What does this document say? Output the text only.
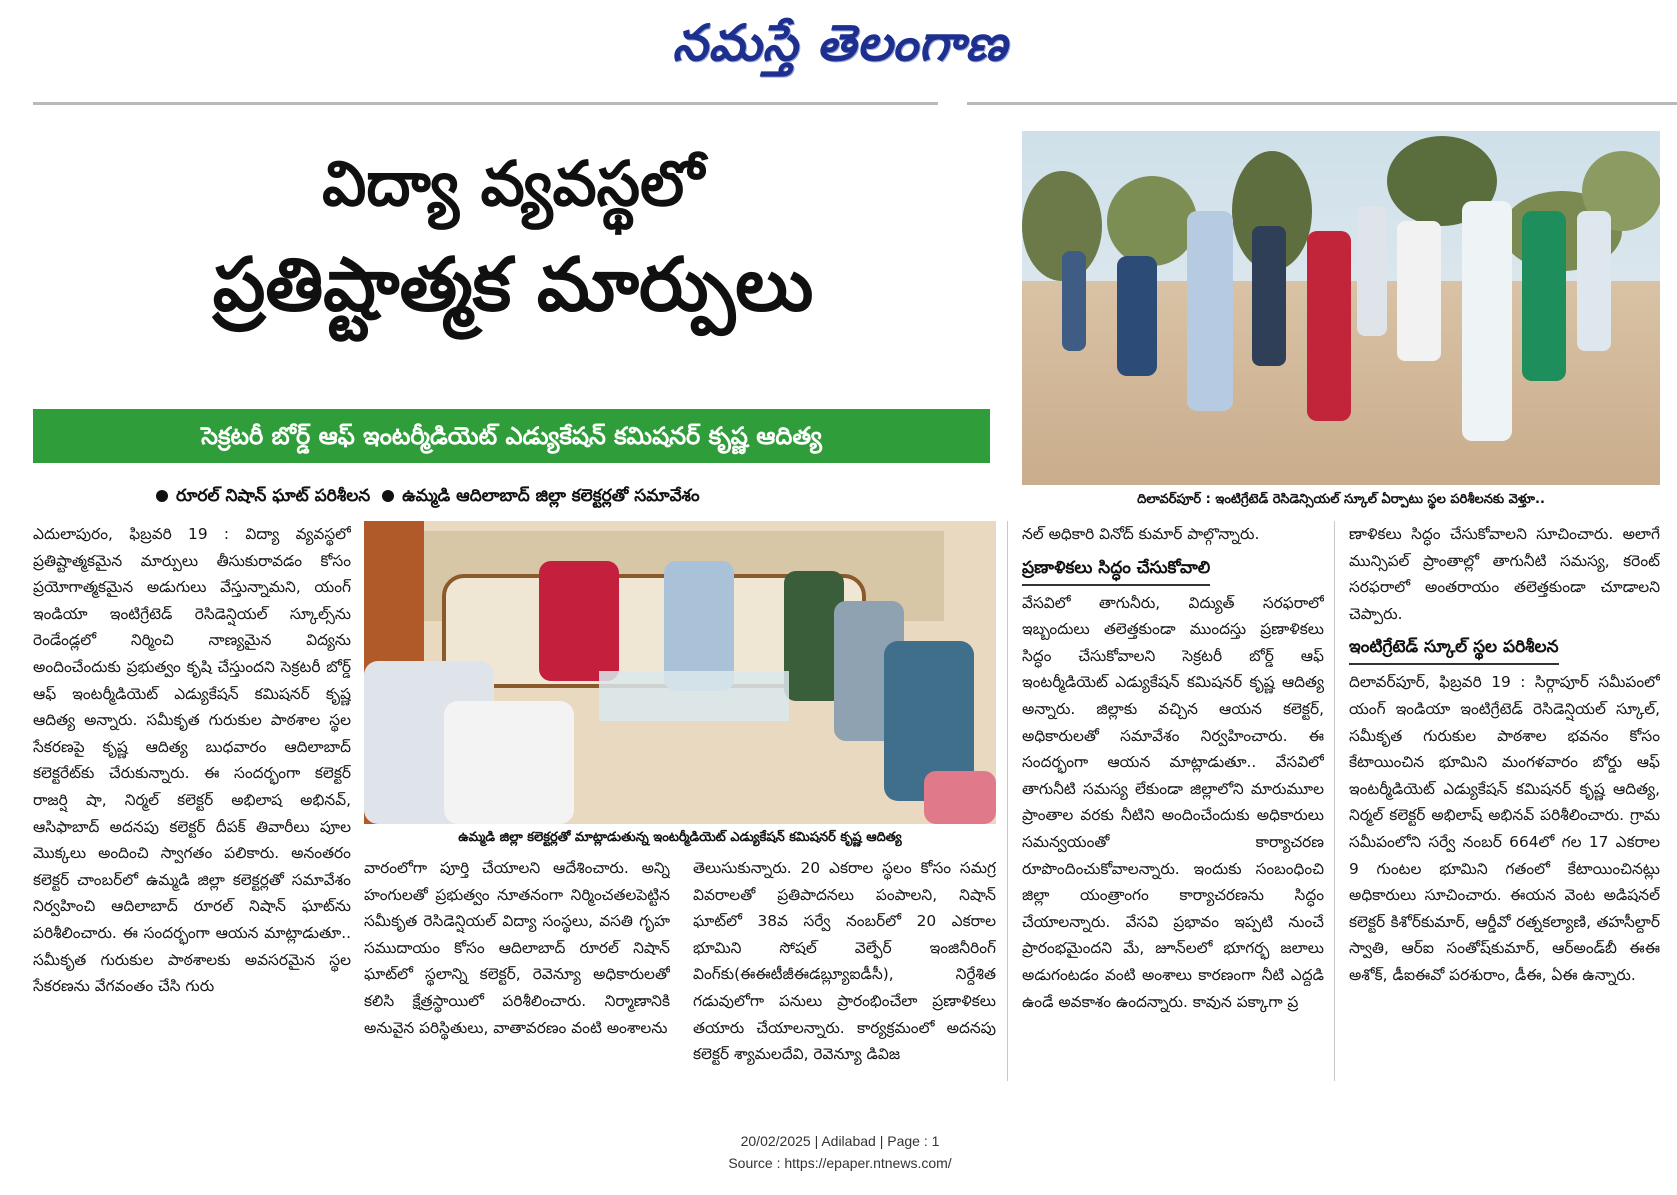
నమస్తే తెలంగాణ
విద్యా వ్యవస్థలో
ప్రతిష్టాత్మక మార్పులు
సెక్రటరీ బోర్డ్ ఆఫ్ ఇంటర్మీడియెట్ ఎడ్యుకేషన్ కమిషనర్ కృష్ణ ఆదిత్య
రూరల్ నిషాన్ ఘాట్ పరిశీలన ఉమ్మడి ఆదిలాబాద్ జిల్లా కలెక్టర్లతో సమావేశం	దిలావర్‌పూర్ : ఇంటిగ్రేటెడ్ రెసిడెన్సియల్ స్కూల్ ఏర్పాటు స్థల పరిశీలనకు వెళ్తూ..
ఉమ్మడి జిల్లా కలెక్టర్లతో మాట్లాడుతున్న ఇంటర్మీడియెట్ ఎడ్యుకేషన్ కమిషనర్ కృష్ణ ఆదిత్య

ఎదులాపురం, ఫిబ్రవరి 19 : విద్యా వ్యవస్థలో ప్రతిష్టాత్మకమైన మార్పులు తీసుకురావడం కోసం ప్రయోగాత్మకమైన అడుగులు వేస్తున్నామని, యంగ్ ఇండియా ఇంటిగ్రేటెడ్ రెసిడెన్షియల్ స్కూల్స్‌ను రెండేండ్లలో నిర్మించి నాణ్యమైన విద్యను అందించేందుకు ప్రభుత్వం కృషి చేస్తుందని సెక్రటరీ బోర్డ్ ఆఫ్ ఇంటర్మీడియెట్ ఎడ్యుకేషన్ కమిషనర్ కృష్ణ ఆదిత్య అన్నారు. సమీకృత గురుకుల పాఠశాల స్థల సేకరణపై కృష్ణ ఆదిత్య బుధవారం ఆదిలాబాద్ కలెక్టరేట్‌కు చేరుకున్నారు. ఈ సందర్భంగా కలెక్టర్ రాజర్షి షా, నిర్మల్ కలెక్టర్ అభిలాష అభినవ్, ఆసిఫాబాద్ అదనపు కలెక్టర్ దీపక్ తివారీలు పూల మొక్కలు అందించి స్వాగతం పలికారు. అనంతరం కలెక్టర్ చాంబర్‌లో ఉమ్మడి జిల్లా కలెక్టర్లతో సమావేశం నిర్వహించి ఆదిలాబాద్ రూరల్ నిషాన్ ఘాట్‌ను పరిశీలించారు. ఈ సందర్భంగా ఆయన మాట్లాడుతూ.. సమీకృత గురుకుల పాఠశాలకు అవసరమైన స్థల సేకరణను వేగవంతం చేసి గురు

వారంలోగా పూర్తి చేయాలని ఆదేశించారు. అన్ని హంగులతో ప్రభుత్వం నూతనంగా నిర్మించతలపెట్టిన సమీకృత రెసిడెన్షియల్ విద్యా సంస్థలు, వసతి గృహ సముదాయం కోసం ఆదిలాబాద్ రూరల్ నిషాన్ ఘాట్‌లో స్థలాన్ని కలెక్టర్, రెవెన్యూ అధికారులతో కలిసి క్షేత్రస్థాయిలో పరిశీలించారు. నిర్మాణానికి అనువైన పరిస్థితులు, వాతావరణం వంటి అంశాలను

తెలుసుకున్నారు. 20 ఎకరాల స్థలం కోసం సమగ్ర వివరాలతో ప్రతిపాదనలు పంపాలని, నిషాన్ ఘాట్‌లో 38వ సర్వే నంబర్‌లో 20 ఎకరాల భూమిని సోషల్ వెల్ఫేర్ ఇంజినీరింగ్ వింగ్‌కు(ఈఈటీజీఈడబ్ల్యూఐడీసీ), నిర్దేశిత గడువులోగా పనులు ప్రారంభించేలా ప్రణాళికలు తయారు చేయాలన్నారు. కార్యక్రమంలో అదనపు కలెక్టర్ శ్యామలదేవి, రెవెన్యూ డివిజ

నల్ అధికారి వినోద్ కుమార్ పాల్గొన్నారు.

ప్రణాళికలు సిద్ధం చేసుకోవాలి

వేసవిలో తాగునీరు, విద్యుత్ సరఫరాలో ఇబ్బందులు తలెత్తకుండా ముందస్తు ప్రణాళికలు సిద్ధం చేసుకోవాలని సెక్రటరీ బోర్డ్ ఆఫ్ ఇంటర్మీడియెట్ ఎడ్యుకేషన్ కమిషనర్ కృష్ణ ఆదిత్య అన్నారు. జిల్లాకు వచ్చిన ఆయన కలెక్టర్, అధికారులతో సమావేశం నిర్వహించారు. ఈ సందర్భంగా ఆయన మాట్లాడుతూ.. వేసవిలో తాగునీటి సమస్య లేకుండా జిల్లాలోని మారుమూల ప్రాంతాల వరకు నీటిని అందించేందుకు అధికారులు సమన్వయంతో కార్యాచరణ రూపొందించుకోవాలన్నారు. ఇందుకు సంబంధించి జిల్లా యంత్రాంగం కార్యాచరణను సిద్ధం చేయాలన్నారు. వేసవి ప్రభావం ఇప్పటి నుంచే ప్రారంభమైందని మే, జూన్‌లలో భూగర్భ జలాలు అడుగంటడం వంటి అంశాలు కారణంగా నీటి ఎద్దడి ఉండే అవకాశం ఉందన్నారు. కావున పక్కాగా ప్ర

ణాళికలు సిద్ధం చేసుకోవాలని సూచించారు. అలాగే మున్సిపల్ ప్రాంతాల్లో తాగునీటి సమస్య, కరెంట్ సరఫరాలో అంతరాయం తలెత్తకుండా చూడాలని చెప్పారు.

ఇంటిగ్రేటెడ్ స్కూల్ స్థల పరిశీలన

దిలావర్‌పూర్, ఫిబ్రవరి 19 : సిర్గాపూర్ సమీపంలో యంగ్ ఇండియా ఇంటిగ్రేటెడ్ రెసిడెన్షియల్ స్కూల్, సమీకృత గురుకుల పాఠశాల భవనం కోసం కేటాయించిన భూమిని మంగళవారం బోర్డు ఆఫ్ ఇంటర్మీడియెట్ ఎడ్యుకేషన్ కమిషనర్ కృష్ణ ఆదిత్య, నిర్మల్ కలెక్టర్ అభిలాష్ అభినవ్ పరిశీలించారు. గ్రామ సమీపంలోని సర్వే నంబర్ 664లో గల 17 ఎకరాల 9 గుంటల భూమిని గతంలో కేటాయించినట్లు అధికారులు సూచించారు. ఈయన వెంట అడిషనల్ కలెక్టర్ కిశోర్‌కుమార్, ఆర్డీవో రత్నకల్యాణి, తహసీల్దార్ స్వాతి, ఆర్‌ఐ సంతోష్‌కుమార్, ఆర్అండ్‌బీ ఈఈ అశోక్, డీఐఈవో పరశురాం, డీఈ, ఏఈ ఉన్నారు.

20/02/2025 | Adilabad | Page : 1
Source : https://epaper.ntnews.com/
